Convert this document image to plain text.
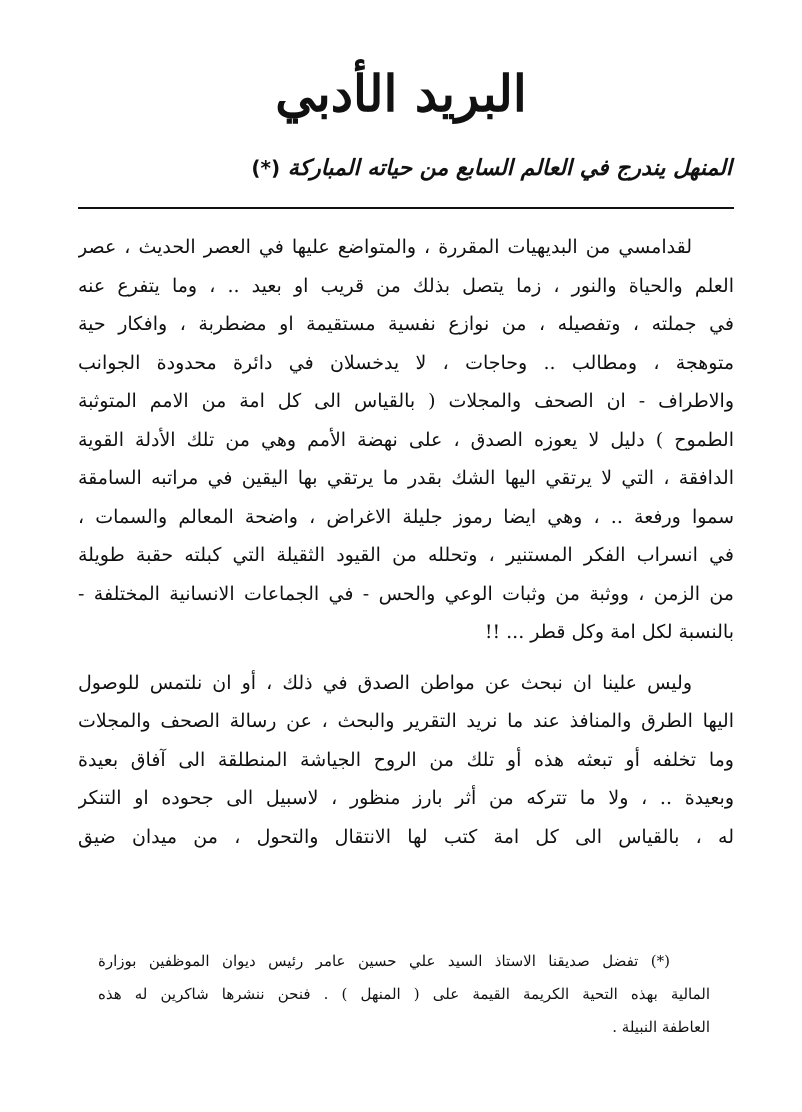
البريد الأدبي
المنهل يندرج في العالم السابع من حياته المباركة (*)
لقدامسي من البديهيات المقررة ، والمتواضع عليها في العصر الحديث ، عصر
العلم والحياة والنور ، زما يتصل بذلك من قريب او بعيد .. ، وما يتفرع عنه
في جملته ، وتفصيله ، من نوازع نفسية مستقيمة او مضطربة ، وافكار حية
متوهجة ، ومطالب .. وحاجات ، لا يدخسلان في دائرة محدودة الجوانب
والاطراف - ان الصحف والمجلات ( بالقياس الى كل امة من الامم المتوثبة
الطموح ) دليل لا يعوزه الصدق ، على نهضة الأمم وهي من تلك الأدلة القوية
الدافقة ، التي لا يرتقي اليها الشك بقدر ما يرتقي بها اليقين في مراتبه السامقة
سموا ورفعة .. ، وهي ايضا رموز جليلة الاغراض ، واضحة المعالم والسمات ،
في انسراب الفكر المستنير ، وتحلله من القيود الثقيلة التي كبلته حقبة طويلة
من الزمن ، ووثبة من وثبات الوعي والحس - في الجماعات الانسانية المختلفة -
بالنسبة لكل امة وكل قطر ... !!
وليس علينا ان نبحث عن مواطن الصدق في ذلك ، أو ان نلتمس للوصول
اليها الطرق والمنافذ عند ما نريد التقرير والبحث ، عن رسالة الصحف والمجلات
وما تخلفه أو تبعثه هذه أو تلك من الروح الجياشة المنطلقة الى آفاق بعيدة
وبعيدة .. ، ولا ما تتركه من أثر بارز منظور ، لاسبيل الى جحوده او التنكر
له ، بالقياس الى كل امة كتب لها الانتقال والتحول ، من ميدان ضيق
(*) تفضل صديقنا الاستاذ السيد علي حسين عامر رئيس ديوان الموظفين بوزارة
المالية بهذه التحية الكريمة القيمة على ( المنهل ) . فنحن ننشرها شاكرين له هذه
العاطفة النبيلة .
